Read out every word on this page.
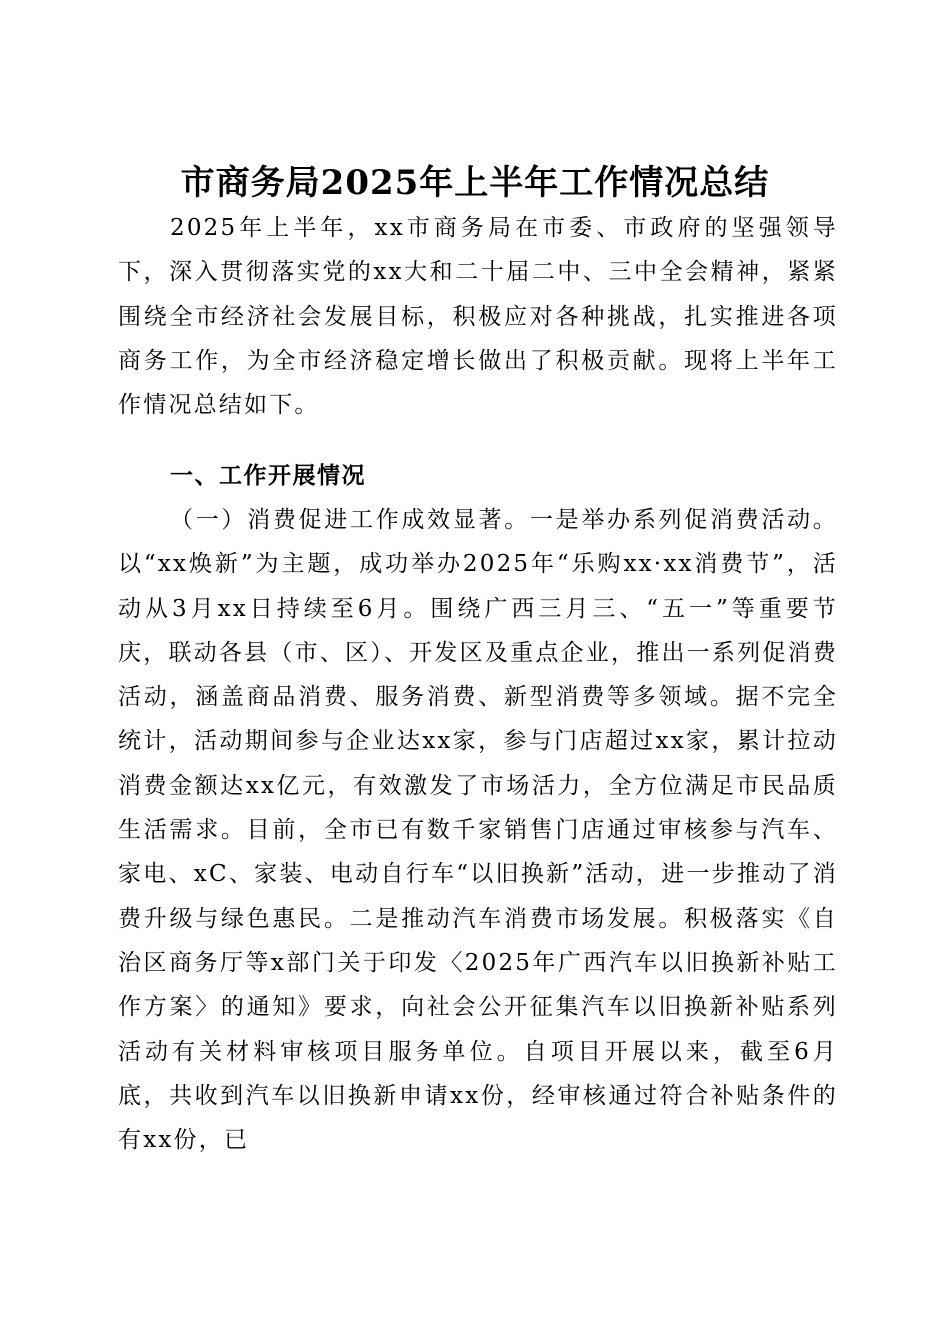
市商务局2025年上半年工作情况总结

2025年上半年，xx市商务局在市委、市政府的坚强领导下，深入贯彻落实党的xx大和二十届二中、三中全会精神，紧紧围绕全市经济社会发展目标，积极应对各种挑战，扎实推进各项商务工作，为全市经济稳定增长做出了积极贡献。现将上半年工作情况总结如下。

一、工作开展情况

（一）消费促进工作成效显著。一是举办系列促消费活动。以“xx焕新”为主题，成功举办2025年“乐购xx·xx消费节”，活动从3月xx日持续至6月。围绕广西三月三、“五一”等重要节庆，联动各县（市、区）、开发区及重点企业，推出一系列促消费活动，涵盖商品消费、服务消费、新型消费等多领域。据不完全统计，活动期间参与企业达xx家，参与门店超过xx家，累计拉动消费金额达xx亿元，有效激发了市场活力，全方位满足市民品质生活需求。目前，全市已有数千家销售门店通过审核参与汽车、家电、xC、家装、电动自行车“以旧换新”活动，进一步推动了消费升级与绿色惠民。二是推动汽车消费市场发展。积极落实《自治区商务厅等x部门关于印发〈2025年广西汽车以旧换新补贴工作方案〉的通知》要求，向社会公开征集汽车以旧换新补贴系列活动有关材料审核项目服务单位。自项目开展以来，截至6月底，共收到汽车以旧换新申请xx份，经审核通过符合补贴条件的有xx份，已
